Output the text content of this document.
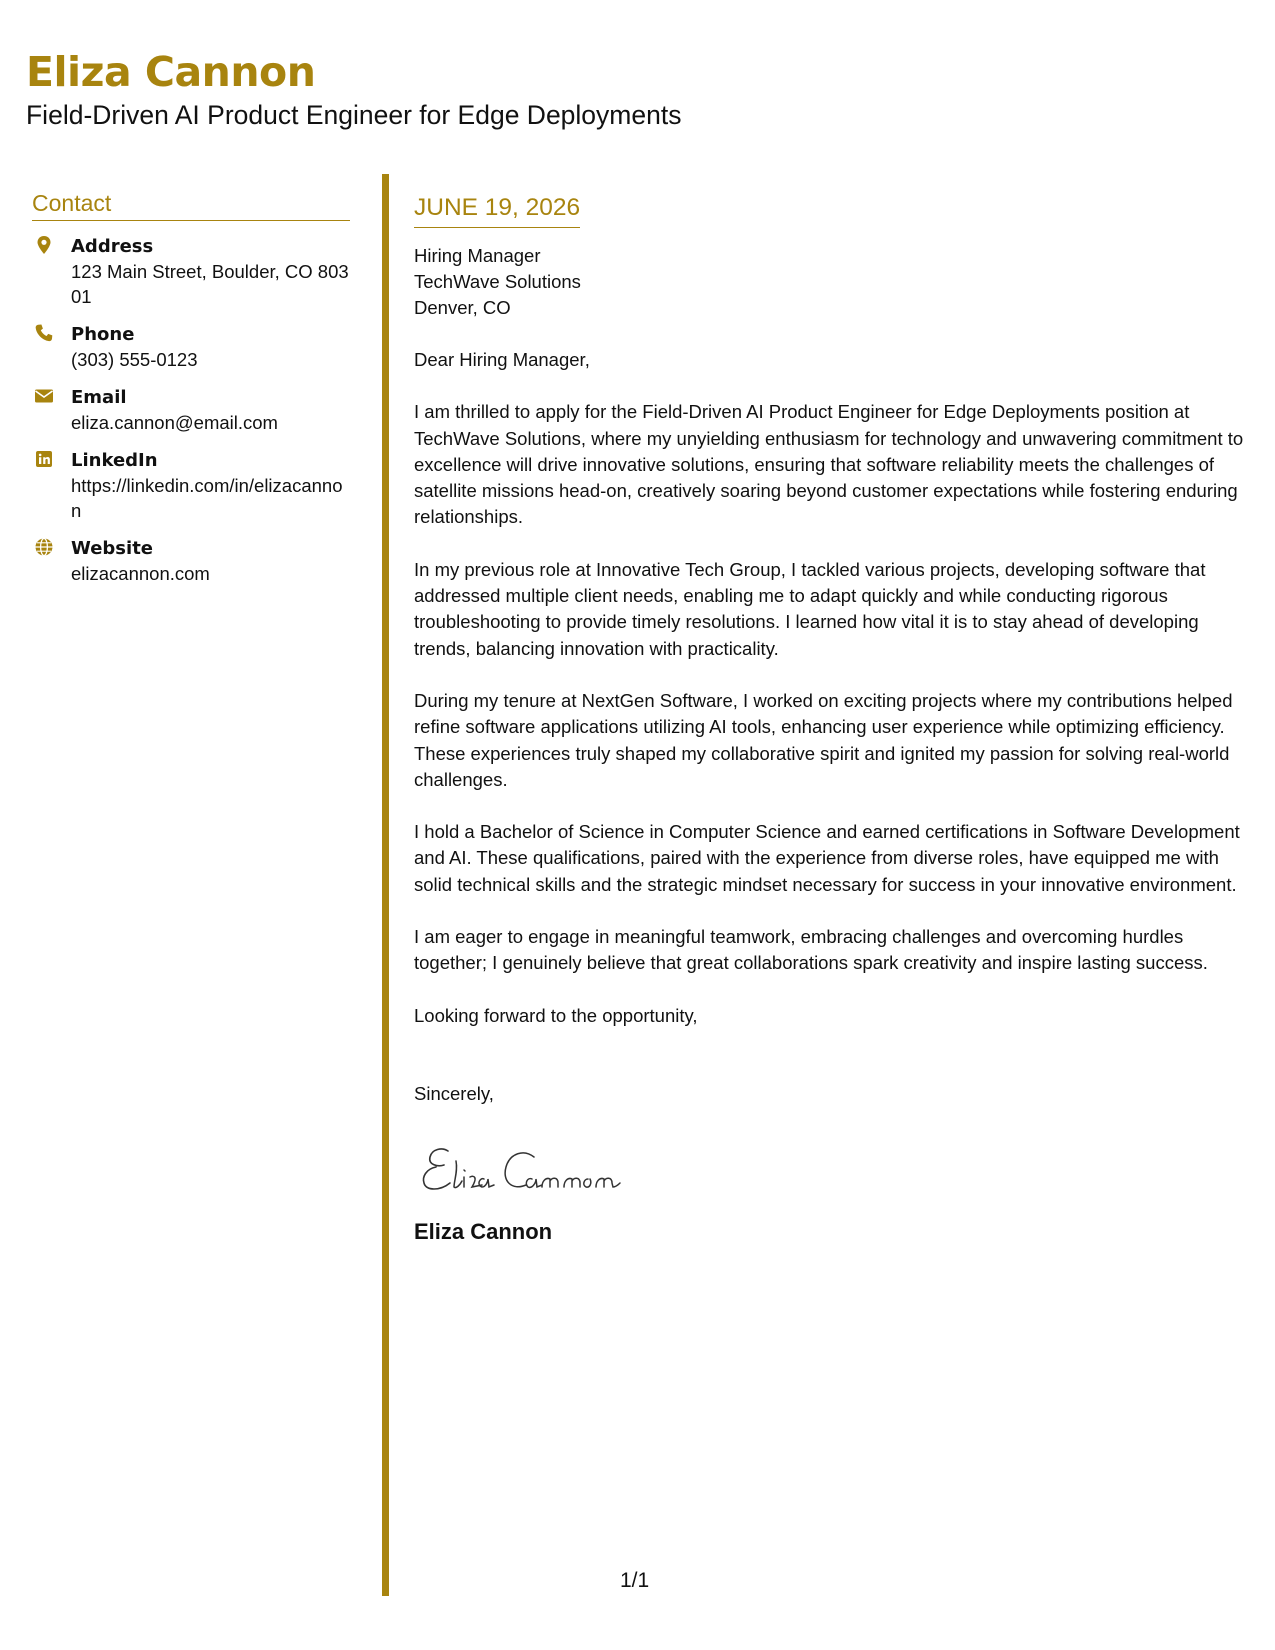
Eliza Cannon
Field-Driven AI Product Engineer for Edge Deployments
Contact
Address
123 Main Street, Boulder, CO 80301
Phone
(303) 555-0123
Email
eliza.cannon@email.com
LinkedIn
https://linkedin.com/in/elizacannon
Website
elizacannon.com
JUNE 19, 2026
Hiring Manager
TechWave Solutions
Denver, CO
Dear Hiring Manager,
I am thrilled to apply for the Field-Driven AI Product Engineer for Edge Deployments position at TechWave Solutions, where my unyielding enthusiasm for technology and unwavering commitment to excellence will drive innovative solutions, ensuring that software reliability meets the challenges of satellite missions head-on, creatively soaring beyond customer expectations while fostering enduring relationships.
In my previous role at Innovative Tech Group, I tackled various projects, developing software that addressed multiple client needs, enabling me to adapt quickly and while conducting rigorous troubleshooting to provide timely resolutions. I learned how vital it is to stay ahead of developing trends, balancing innovation with practicality.
During my tenure at NextGen Software, I worked on exciting projects where my contributions helped refine software applications utilizing AI tools, enhancing user experience while optimizing efficiency. These experiences truly shaped my collaborative spirit and ignited my passion for solving real-world challenges.
I hold a Bachelor of Science in Computer Science and earned certifications in Software Development and AI. These qualifications, paired with the experience from diverse roles, have equipped me with solid technical skills and the strategic mindset necessary for success in your innovative environment.
I am eager to engage in meaningful teamwork, embracing challenges and overcoming hurdles together; I genuinely believe that great collaborations spark creativity and inspire lasting success.
Looking forward to the opportunity,
Sincerely,
Eliza Cannon
1/1
